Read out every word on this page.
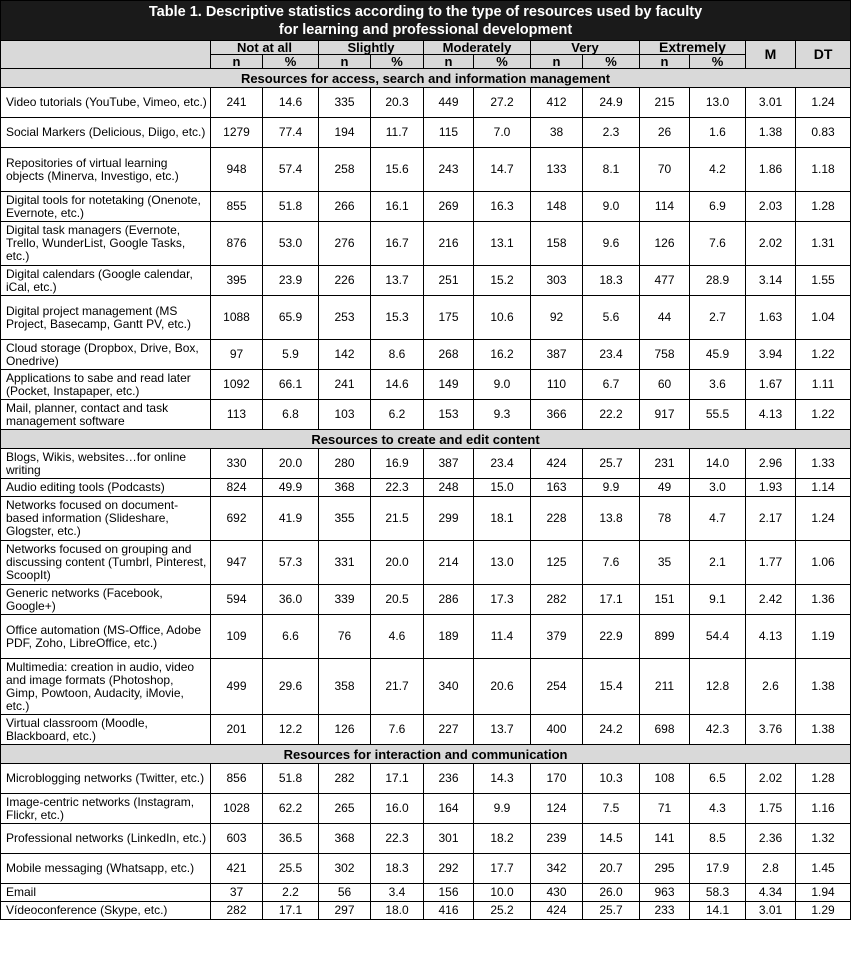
Table 1. Descriptive statistics according to the type of resources used by faculty
for learning and professional development												

	Not at all		Slightly		Moderately		Very		Extremely		M	DT
	n	%	n	%	n	%	n	%	n	%		
Resources for access, search and information management												
Video tutorials (YouTube, Vimeo, etc.)	241	14.6	335	20.3	449	27.2	412	24.9	215	13.0	3.01	1.24
Social Markers (Delicious, Diigo, etc.)	1279	77.4	194	11.7	115	7.0	38	2.3	26	1.6	1.38	0.83
Repositories of virtual learning objects (Minerva, Investigo, etc.)	948	57.4	258	15.6	243	14.7	133	8.1	70	4.2	1.86	1.18
Digital tools for notetaking (Onenote, Evernote, etc.)	855	51.8	266	16.1	269	16.3	148	9.0	114	6.9	2.03	1.28
Digital task managers (Evernote, Trello, WunderList, Google Tasks, etc.)	876	53.0	276	16.7	216	13.1	158	9.6	126	7.6	2.02	1.31
Digital calendars (Google calendar, iCal, etc.)	395	23.9	226	13.7	251	15.2	303	18.3	477	28.9	3.14	1.55
Digital project management (MS Project, Basecamp, Gantt PV, etc.)	1088	65.9	253	15.3	175	10.6	92	5.6	44	2.7	1.63	1.04
Cloud storage (Dropbox, Drive, Box, Onedrive)	97	5.9	142	8.6	268	16.2	387	23.4	758	45.9	3.94	1.22
Applications to sabe and read later (Pocket, Instapaper, etc.)	1092	66.1	241	14.6	149	9.0	110	6.7	60	3.6	1.67	1.11
Mail, planner, contact and task management software	113	6.8	103	6.2	153	9.3	366	22.2	917	55.5	4.13	1.22
Resources to create and edit content												
Blogs, Wikis, websites…for online writing	330	20.0	280	16.9	387	23.4	424	25.7	231	14.0	2.96	1.33
Audio editing tools (Podcasts)	824	49.9	368	22.3	248	15.0	163	9.9	49	3.0	1.93	1.14
Networks focused on document-based information (Slideshare, Glogster, etc.)	692	41.9	355	21.5	299	18.1	228	13.8	78	4.7	2.17	1.24
Networks focused on grouping and discussing content (Tumbrl, Pinterest, ScoopIt)	947	57.3	331	20.0	214	13.0	125	7.6	35	2.1	1.77	1.06
Generic networks (Facebook, Google+)	594	36.0	339	20.5	286	17.3	282	17.1	151	9.1	2.42	1.36
Office automation (MS-Office, Adobe PDF, Zoho, LibreOffice, etc.)	109	6.6	76	4.6	189	11.4	379	22.9	899	54.4	4.13	1.19
Multimedia: creation in audio, video and image formats (Photoshop, Gimp, Powtoon, Audacity, iMovie, etc.)	499	29.6	358	21.7	340	20.6	254	15.4	211	12.8	2.6	1.38
Virtual classroom (Moodle, Blackboard, etc.)	201	12.2	126	7.6	227	13.7	400	24.2	698	42.3	3.76	1.38
Resources for interaction and communication												
Microblogging networks (Twitter, etc.)	856	51.8	282	17.1	236	14.3	170	10.3	108	6.5	2.02	1.28
Image-centric networks (Instagram, Flickr, etc.)	1028	62.2	265	16.0	164	9.9	124	7.5	71	4.3	1.75	1.16
Professional networks (LinkedIn, etc.)	603	36.5	368	22.3	301	18.2	239	14.5	141	8.5	2.36	1.32
Mobile messaging (Whatsapp, etc.)	421	25.5	302	18.3	292	17.7	342	20.7	295	17.9	2.8	1.45
Email	37	2.2	56	3.4	156	10.0	430	26.0	963	58.3	4.34	1.94
Vídeoconference (Skype, etc.)	282	17.1	297	18.0	416	25.2	424	25.7	233	14.1	3.01	1.29
